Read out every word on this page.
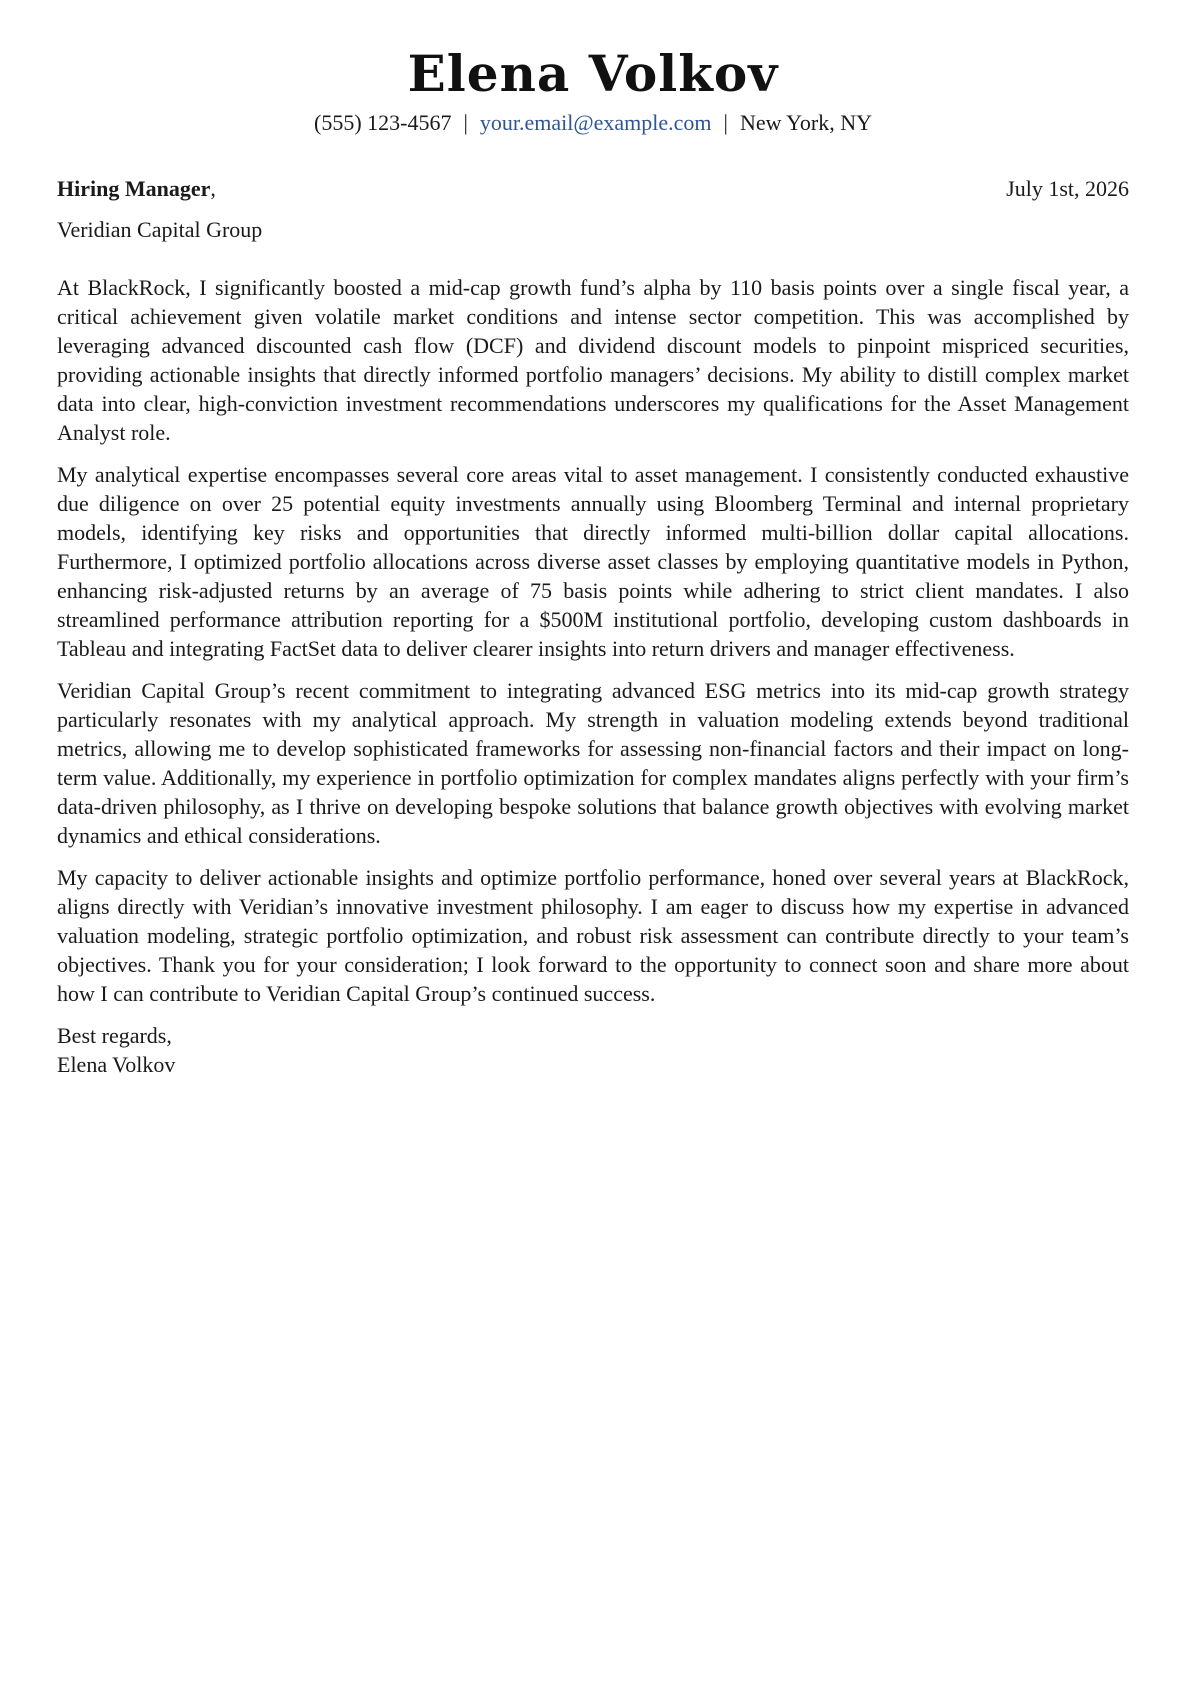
Elena Volkov
(555) 123-4567 | your.email@example.com | New York, NY
Hiring Manager,	July 1st, 2026
Veridian Capital Group

At BlackRock, I significantly boosted a mid-cap growth fund’s alpha by 110 basis points over a single fiscal year, a critical achievement given volatile market conditions and intense sector competition. This was accomplished by leveraging advanced discounted cash flow (DCF) and dividend discount models to pinpoint mispriced securities, providing actionable insights that directly informed portfolio managers’ decisions. My ability to distill complex market data into clear, high-conviction investment recommendations underscores my qualifications for the Asset Management Analyst role.

My analytical expertise encompasses several core areas vital to asset management. I consistently conducted exhaustive due diligence on over 25 potential equity investments annually using Bloomberg Terminal and internal proprietary models, identifying key risks and opportunities that directly informed multi-billion dollar capital allocations. Furthermore, I optimized portfolio allocations across diverse asset classes by employing quantitative models in Python, enhancing risk-adjusted returns by an average of 75 basis points while adhering to strict client mandates. I also streamlined performance attribution reporting for a $500M institutional portfolio, developing custom dashboards in Tableau and integrating FactSet data to deliver clearer insights into return drivers and manager effectiveness.

Veridian Capital Group’s recent commitment to integrating advanced ESG metrics into its mid-cap growth strategy particularly resonates with my analytical approach. My strength in valuation modeling extends beyond traditional metrics, allowing me to develop sophisticated frameworks for assessing non-financial factors and their impact on long-term value. Additionally, my experience in portfolio optimization for complex mandates aligns perfectly with your firm’s data-driven philosophy, as I thrive on developing bespoke solutions that balance growth objectives with evolving market dynamics and ethical considerations.

My capacity to deliver actionable insights and optimize portfolio performance, honed over several years at BlackRock, aligns directly with Veridian’s innovative investment philosophy. I am eager to discuss how my expertise in advanced valuation modeling, strategic portfolio optimization, and robust risk assessment can contribute directly to your team’s objectives. Thank you for your consideration; I look forward to the opportunity to connect soon and share more about how I can contribute to Veridian Capital Group’s continued success.

Best regards,
Elena Volkov
